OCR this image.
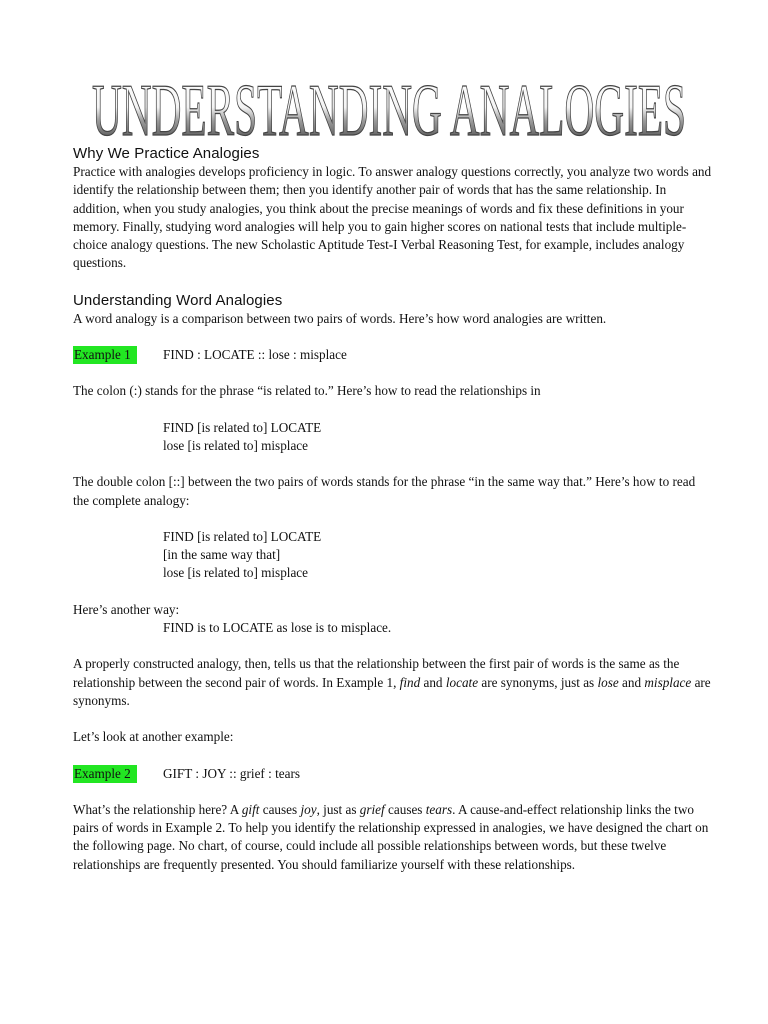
UNDERSTANDING ANALOGIES
Why We Practice Analogies

Practice with analogies develops proficiency in logic. To answer analogy questions correctly, you analyze two words and identify the relationship between them; then you identify another pair of words that has the same relationship. In addition, when you study analogies, you think about the precise meanings of words and fix these definitions in your memory. Finally, studying word analogies will help you to gain higher scores on national tests that include multiple-choice analogy questions. The new Scholastic Aptitude Test-I Verbal Reasoning Test, for example, includes analogy questions.

Understanding Word Analogies

A word analogy is a comparison between two pairs of words. Here’s how word analogies are written.

Example 1	FIND : LOCATE :: lose : misplace

The colon (:) stands for the phrase “is related to.” Here’s how to read the relationships in

FIND [is related to] LOCATE

lose [is related to] misplace

The double colon [::] between the two pairs of words stands for the phrase “in the same way that.” Here’s how to read the complete analogy:

FIND [is related to] LOCATE

[in the same way that]

lose [is related to] misplace

Here’s another way:

FIND is to LOCATE as lose is to misplace.

A properly constructed analogy, then, tells us that the relationship between the first pair of words is the same as the relationship between the second pair of words. In Example 1, find and locate are synonyms, just as lose and misplace are synonyms.

Let’s look at another example:

Example 2	GIFT : JOY :: grief : tears

What’s the relationship here? A gift causes joy, just as grief causes tears. A cause-and-effect relationship links the two pairs of words in Example 2. To help you identify the relationship expressed in analogies, we have designed the chart on the following page. No chart, of course, could include all possible relationships between words, but these twelve relationships are frequently presented. You should familiarize yourself with these relationships.
